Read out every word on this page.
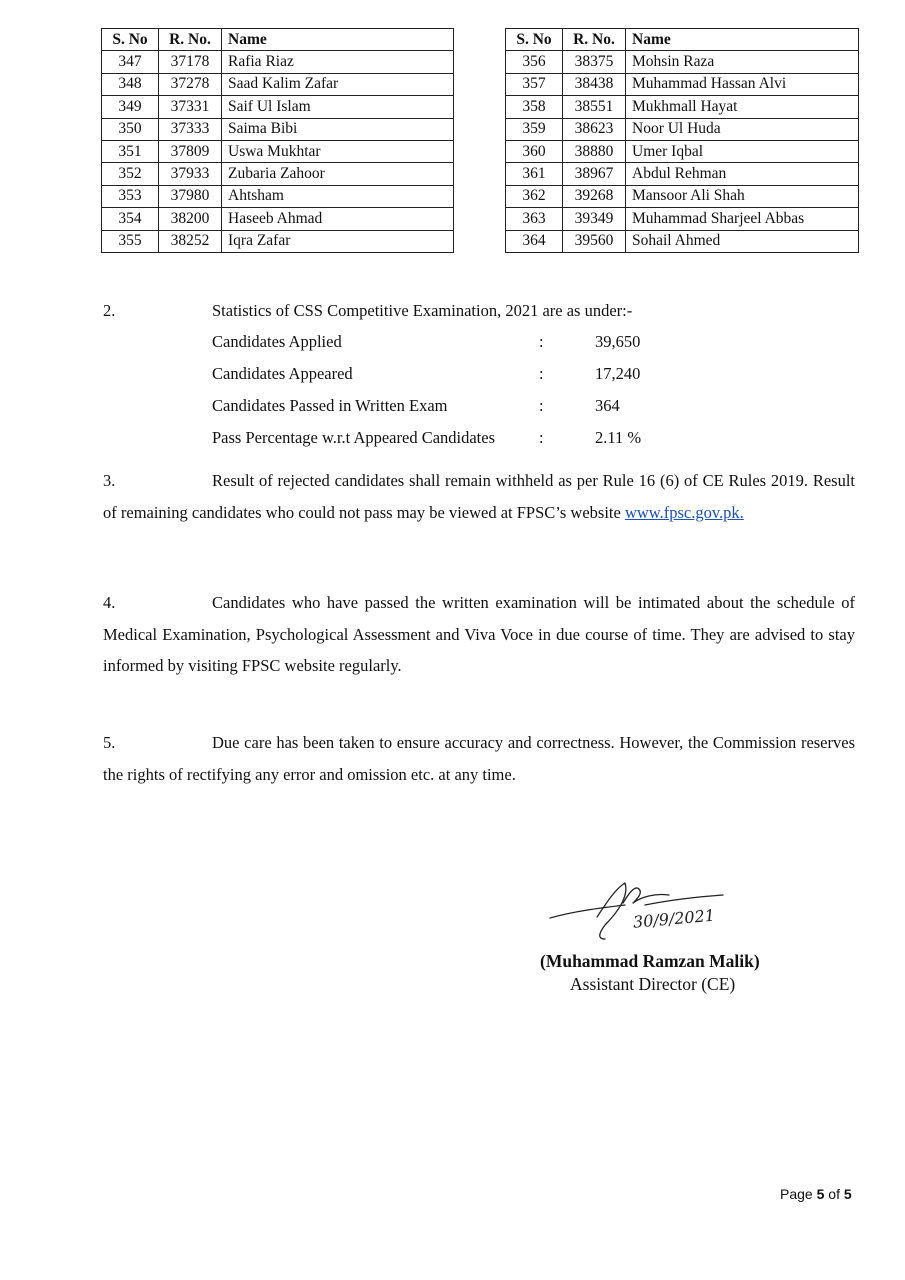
S. No	R. No.	Name
347	37178	Rafia Riaz
348	37278	Saad Kalim Zafar
349	37331	Saif Ul Islam
350	37333	Saima Bibi
351	37809	Uswa Mukhtar
352	37933	Zubaria Zahoor
353	37980	Ahtsham
354	38200	Haseeb Ahmad
355	38252	Iqra Zafar
S. No	R. No.	Name
356	38375	Mohsin Raza
357	38438	Muhammad Hassan Alvi
358	38551	Mukhmall Hayat
359	38623	Noor Ul Huda
360	38880	Umer Iqbal
361	38967	Abdul Rehman
362	39268	Mansoor Ali Shah
363	39349	Muhammad Sharjeel Abbas
364	39560	Sohail Ahmed
2.	Statistics of CSS Competitive Examination, 2021 are as under:-
Candidates Applied	:	39,650
Candidates Appeared	:	17,240
Candidates Passed in Written Exam	:	364
Pass Percentage w.r.t Appeared Candidates	:	2.11 %
3.	Result of rejected candidates shall remain withheld as per Rule 16 (6) of CE Rules 2019. Result of remaining candidates who could not pass may be viewed at FPSC’s website www.fpsc.gov.pk.
4.	Candidates who have passed the written examination will be intimated about the schedule of Medical Examination, Psychological Assessment and Viva Voce in due course of time. They are advised to stay informed by visiting FPSC website regularly.
5.	Due care has been taken to ensure accuracy and correctness. However, the Commission reserves the rights of rectifying any error and omission etc. at any time.
30/9/2021
(Muhammad Ramzan Malik)
Assistant Director (CE)
Page 5 of 5
